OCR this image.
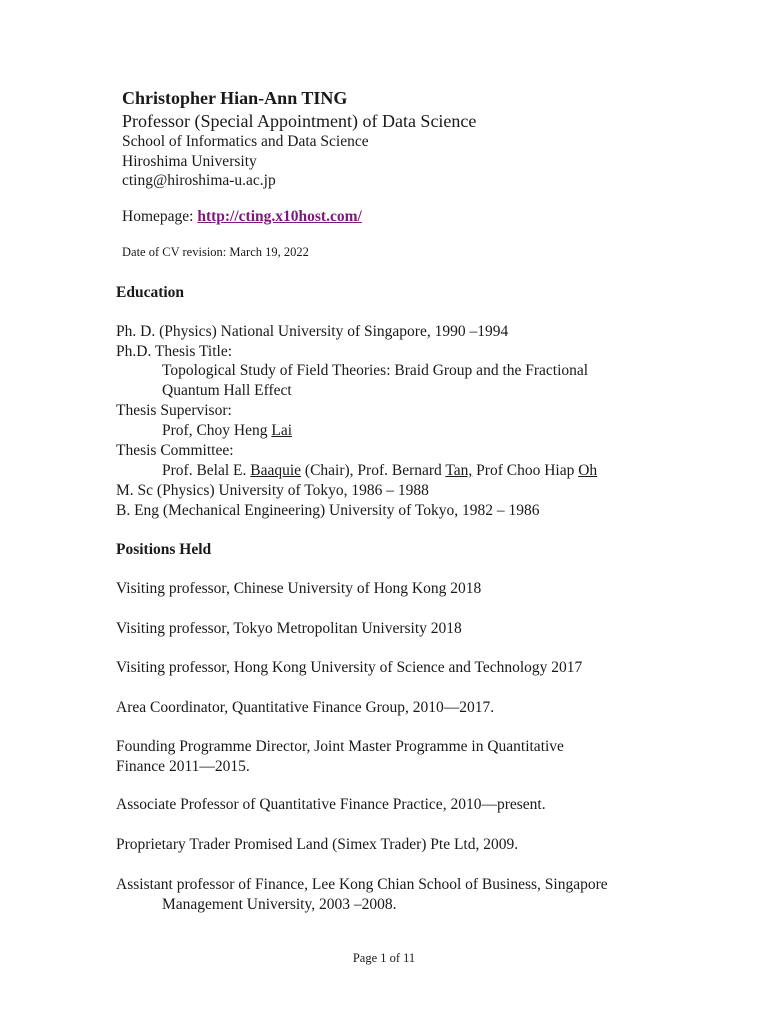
Christopher Hian-Ann TING
Professor (Special Appointment) of Data Science
School of Informatics and Data Science
Hiroshima University
cting@hiroshima-u.ac.jp
Homepage: http://cting.x10host.com/
Date of CV revision: March 19, 2022
Education
Ph. D. (Physics) National University of Singapore, 1990 –1994
Ph.D. Thesis Title:
Topological Study of Field Theories: Braid Group and the Fractional
Quantum Hall Effect
Thesis Supervisor:
Prof, Choy Heng Lai
Thesis Committee:
Prof. Belal E. Baaquie (Chair), Prof. Bernard Tan, Prof Choo Hiap Oh
M. Sc (Physics) University of Tokyo, 1986 – 1988
B. Eng (Mechanical Engineering) University of Tokyo, 1982 – 1986
Positions Held
Visiting professor, Chinese University of Hong Kong 2018
Visiting professor, Tokyo Metropolitan University 2018
Visiting professor, Hong Kong University of Science and Technology 2017
Area Coordinator, Quantitative Finance Group, 2010—2017.
Founding Programme Director, Joint Master Programme in Quantitative
Finance 2011—2015.
Associate Professor of Quantitative Finance Practice, 2010—present.
Proprietary Trader Promised Land (Simex Trader) Pte Ltd, 2009.
Assistant professor of Finance, Lee Kong Chian School of Business, Singapore
Management University, 2003 –2008.
Page 1 of 11
